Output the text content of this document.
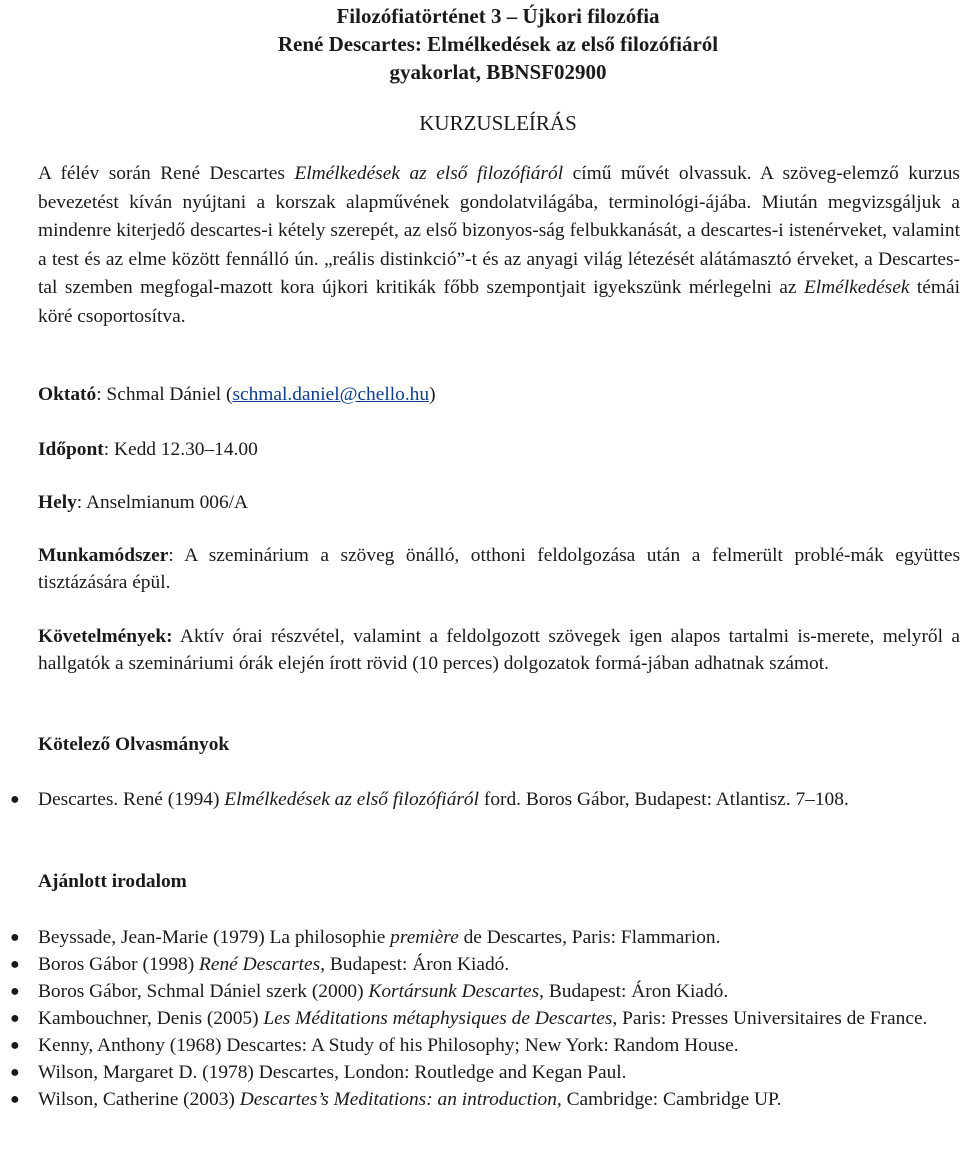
Filozófiatörténet 3 – Újkori filozófia
René Descartes: Elmélkedések az első filozófiáról
gyakorlat, BBNSF02900
KURZUSLEÍRÁS
A félév során René Descartes Elmélkedések az első filozófiáról című művét olvassuk. A szöveg-elemző kurzus bevezetést kíván nyújtani a korszak alapművének gondolatvilágába, terminológi-ájába. Miután megvizsgáljuk a mindenre kiterjedő descartes-i kétely szerepét, az első bizonyos-ság felbukkanását, a descartes-i istenérveket, valamint a test és az elme között fennálló ún. „reális distinkció”-t és az anyagi világ létezését alátámasztó érveket, a Descartes-tal szemben megfogal-mazott kora újkori kritikák főbb szempontjait igyekszünk mérlegelni az Elmélkedések témái köré csoportosítva.
Oktató: Schmal Dániel (schmal.daniel@chello.hu)
Időpont: Kedd 12.30–14.00
Hely: Anselmianum 006/A
Munkamódszer: A szeminárium a szöveg önálló, otthoni feldolgozása után a felmerült problé-mák együttes tisztázására épül.
Követelmények: Aktív órai részvétel, valamint a feldolgozott szövegek igen alapos tartalmi is-merete, melyről a hallgatók a szemináriumi órák elején írott rövid (10 perces) dolgozatok formá-jában adhatnak számot.
Kötelező Olvasmányok
● Descartes. René (1994) Elmélkedések az első filozófiáról ford. Boros Gábor, Budapest: Atlantisz. 7–108.
Ajánlott irodalom
● Beyssade, Jean-Marie (1979) La philosophie première de Descartes, Paris: Flammarion.
● Boros Gábor (1998) René Descartes, Budapest: Áron Kiadó.
● Boros Gábor, Schmal Dániel szerk (2000) Kortársunk Descartes, Budapest: Áron Kiadó.
● Kambouchner, Denis (2005) Les Méditations métaphysiques de Descartes, Paris: Presses Universitaires de France.
● Kenny, Anthony (1968) Descartes: A Study of his Philosophy; New York: Random House.
● Wilson, Margaret D. (1978) Descartes, London: Routledge and Kegan Paul.
● Wilson, Catherine (2003) Descartes’s Meditations: an introduction, Cambridge: Cambridge UP.
